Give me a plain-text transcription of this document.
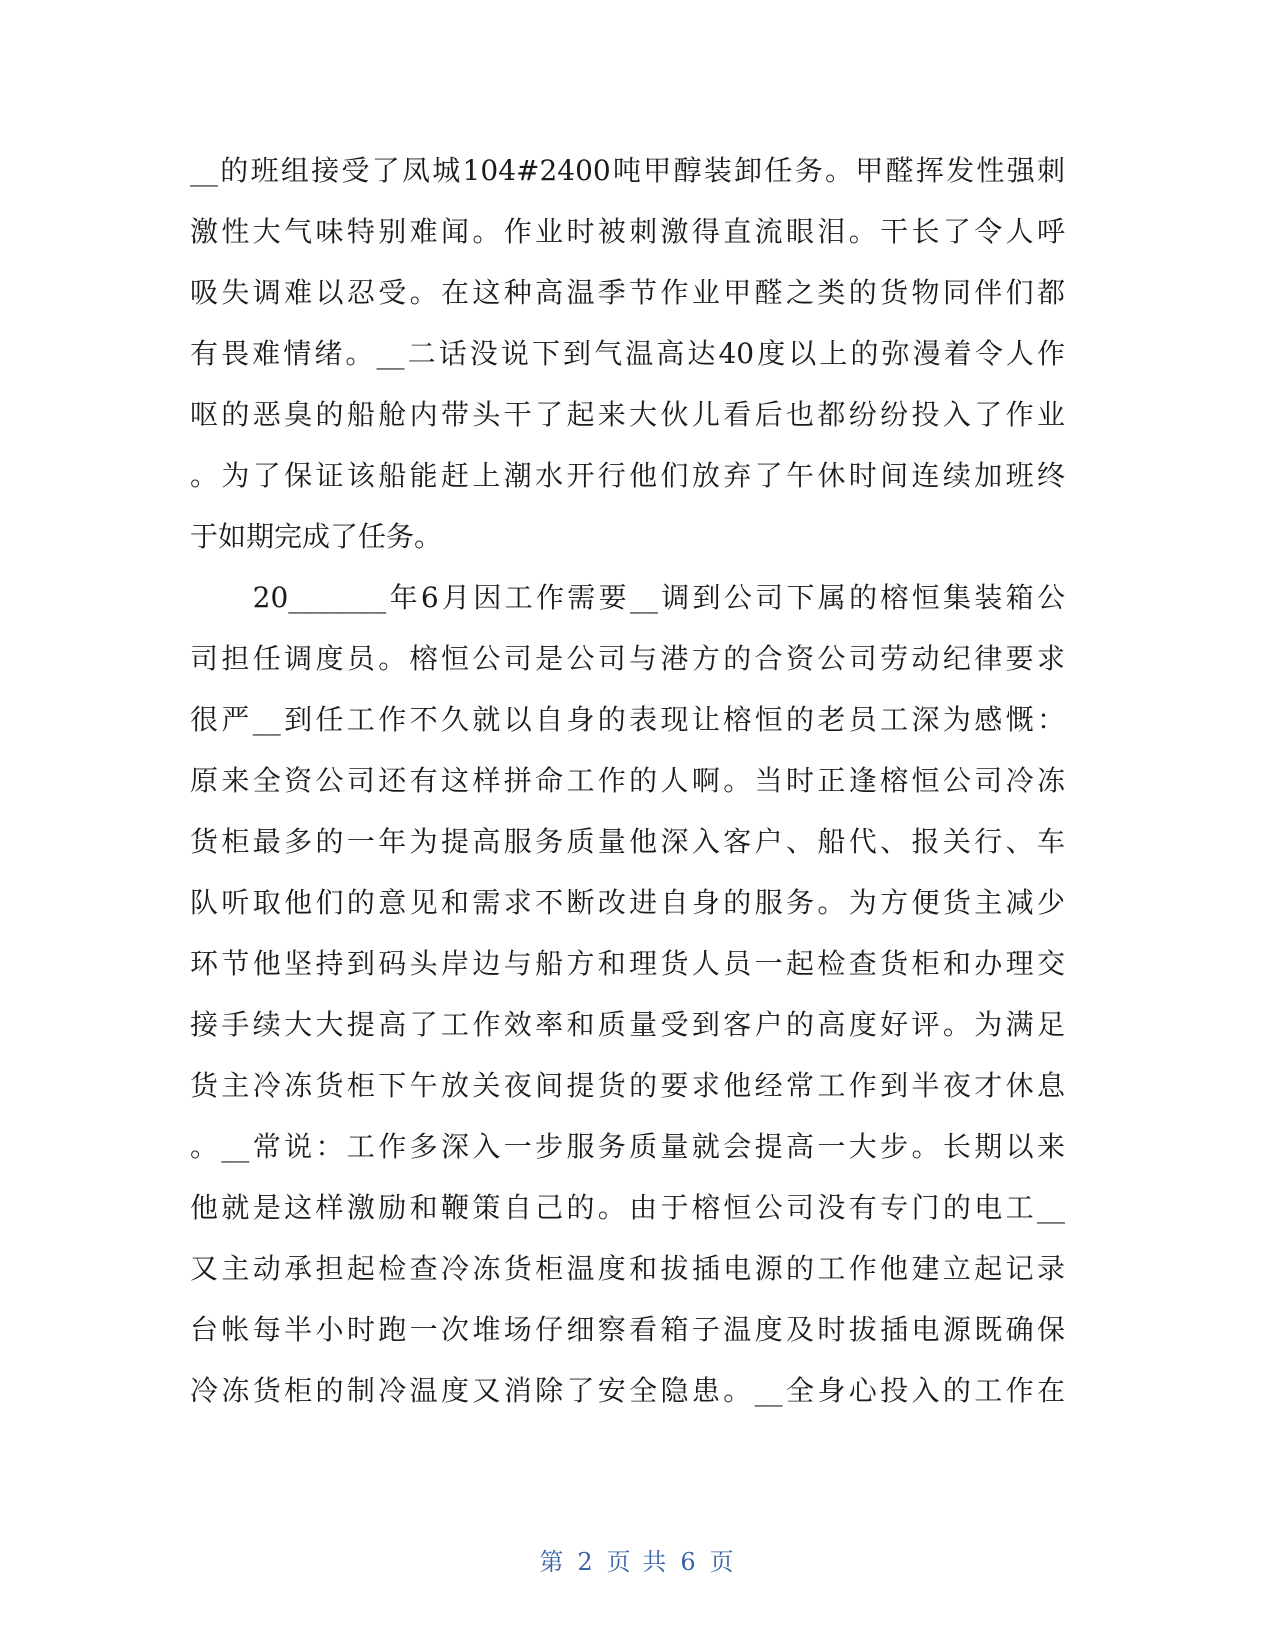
__的班组接受了凤城104#2400吨甲醇装卸任务。甲醛挥发性强刺
激性大气味特别难闻。作业时被刺激得直流眼泪。干长了令人呼
吸失调难以忍受。在这种高温季节作业甲醛之类的货物同伴们都
有畏难情绪。__二话没说下到气温高达40度以上的弥漫着令人作
呕的恶臭的船舱内带头干了起来大伙儿看后也都纷纷投入了作业
。为了保证该船能赶上潮水开行他们放弃了午休时间连续加班终
于如期完成了任务。
　　20_______年6月因工作需要__调到公司下属的榕恒集装箱公
司担任调度员。榕恒公司是公司与港方的合资公司劳动纪律要求
很严__到任工作不久就以自身的表现让榕恒的老员工深为感慨：
原来全资公司还有这样拼命工作的人啊。当时正逢榕恒公司冷冻
货柜最多的一年为提高服务质量他深入客户、船代、报关行、车
队听取他们的意见和需求不断改进自身的服务。为方便货主减少
环节他坚持到码头岸边与船方和理货人员一起检查货柜和办理交
接手续大大提高了工作效率和质量受到客户的高度好评。为满足
货主冷冻货柜下午放关夜间提货的要求他经常工作到半夜才休息
。__常说：工作多深入一步服务质量就会提高一大步。长期以来
他就是这样激励和鞭策自己的。由于榕恒公司没有专门的电工__
又主动承担起检查冷冻货柜温度和拔插电源的工作他建立起记录
台帐每半小时跑一次堆场仔细察看箱子温度及时拔插电源既确保
冷冻货柜的制冷温度又消除了安全隐患。__全身心投入的工作在
第 2 页 共 6 页
